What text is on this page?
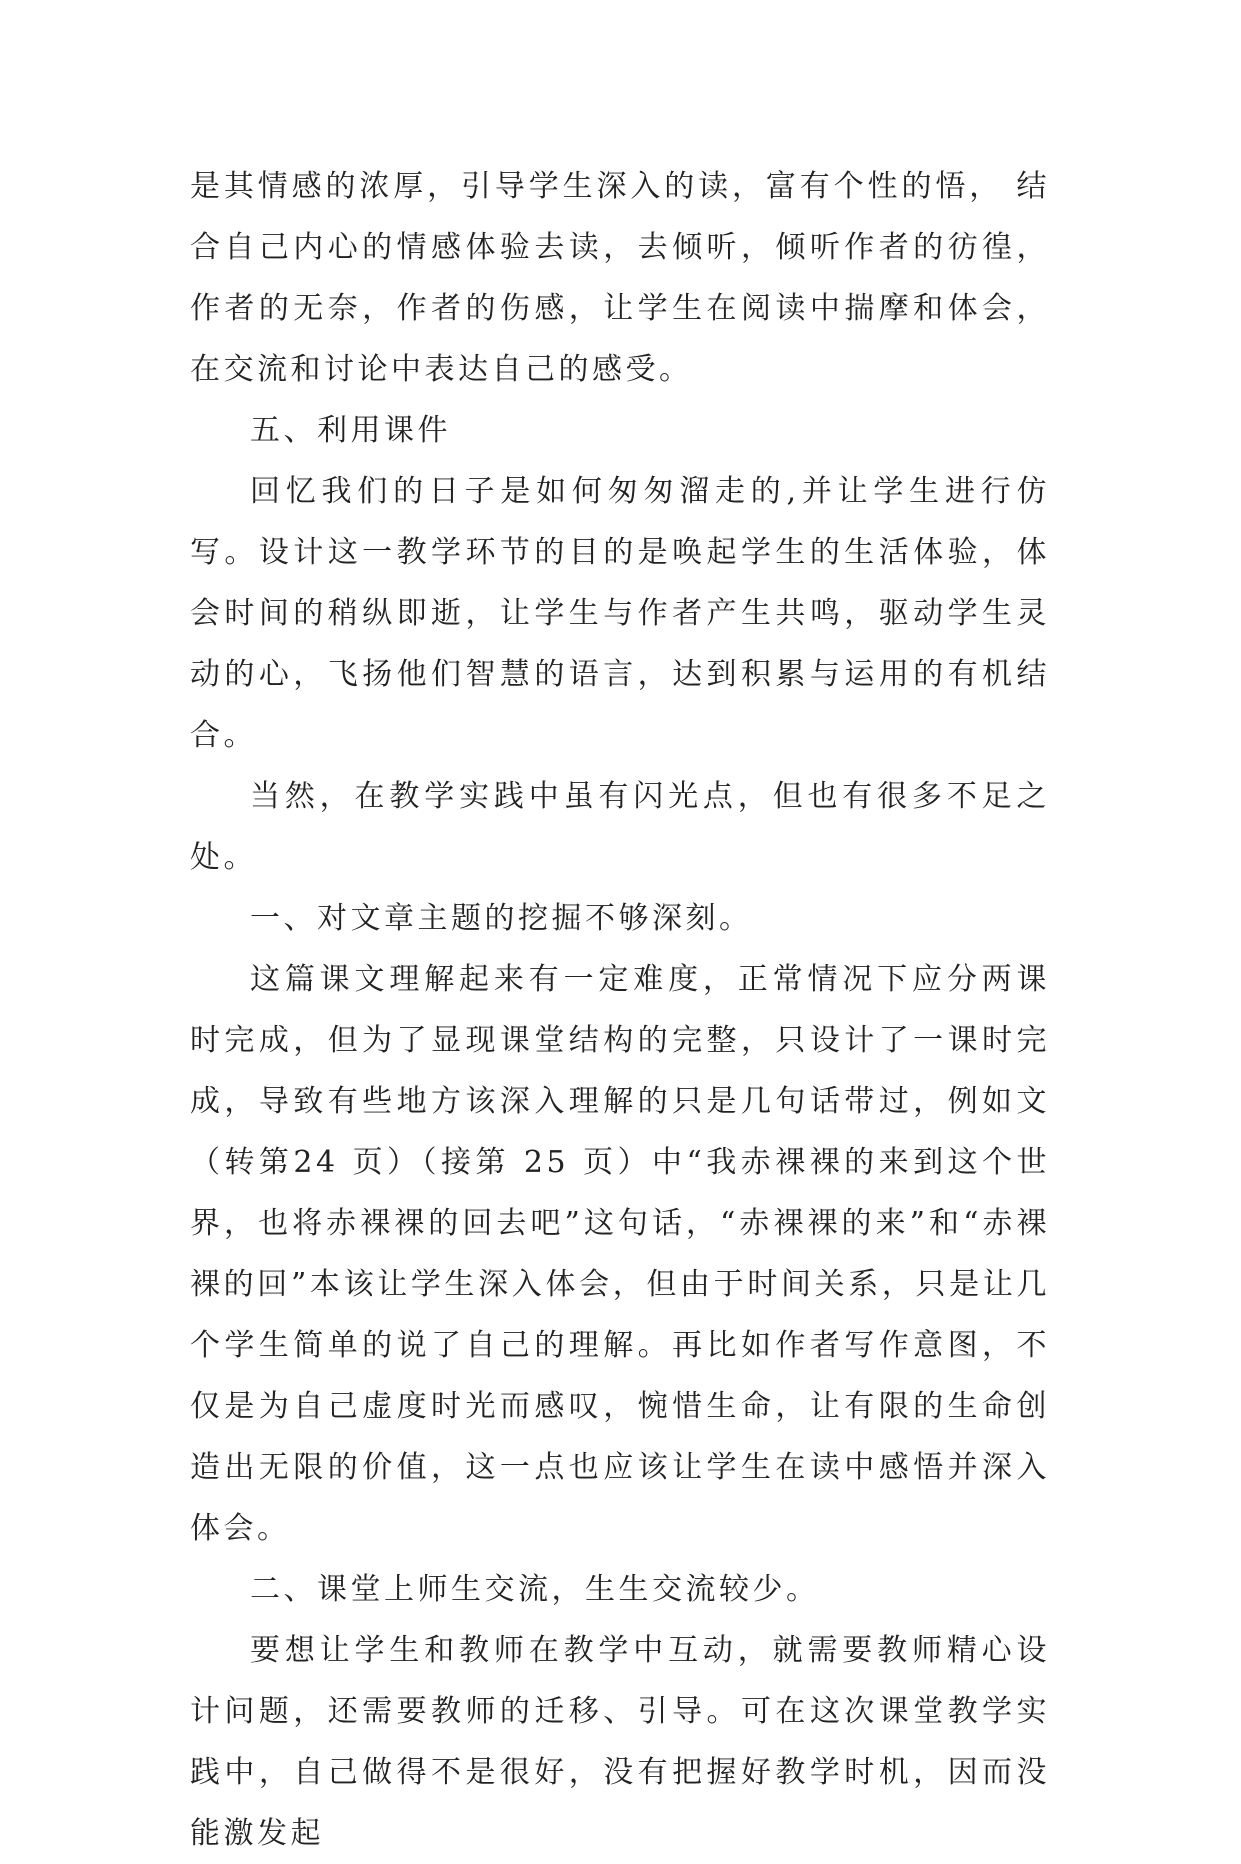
是其情感的浓厚，引导学生深入的读，富有个性的悟， 结合自己内心的情感体验去读，去倾听，倾听作者的彷徨，作者的无奈，作者的伤感，让学生在阅读中揣摩和体会，在交流和讨论中表达自己的感受。

五、利用课件

回忆我们的日子是如何匆匆溜走的,并让学生进行仿写。设计这一教学环节的目的是唤起学生的生活体验，体会时间的稍纵即逝，让学生与作者产生共鸣，驱动学生灵动的心，飞扬他们智慧的语言，达到积累与运用的有机结合。

当然，在教学实践中虽有闪光点，但也有很多不足之处。

一、对文章主题的挖掘不够深刻。

这篇课文理解起来有一定难度，正常情况下应分两课时完成，但为了显现课堂结构的完整，只设计了一课时完成，导致有些地方该深入理解的只是几句话带过，例如文（转第24 页）（接第 25 页）中“我赤裸裸的来到这个世界，也将赤裸裸的回去吧”这句话，“赤裸裸的来”和“赤裸裸的回”本该让学生深入体会，但由于时间关系，只是让几个学生简单的说了自己的理解。再比如作者写作意图，不仅是为自己虚度时光而感叹，惋惜生命，让有限的生命创造出无限的价值，这一点也应该让学生在读中感悟并深入体会。

二、课堂上师生交流，生生交流较少。

要想让学生和教师在教学中互动，就需要教师精心设计问题，还需要教师的迁移、引导。可在这次课堂教学实践中，自己做得不是很好，没有把握好教学时机，因而没能激发起
